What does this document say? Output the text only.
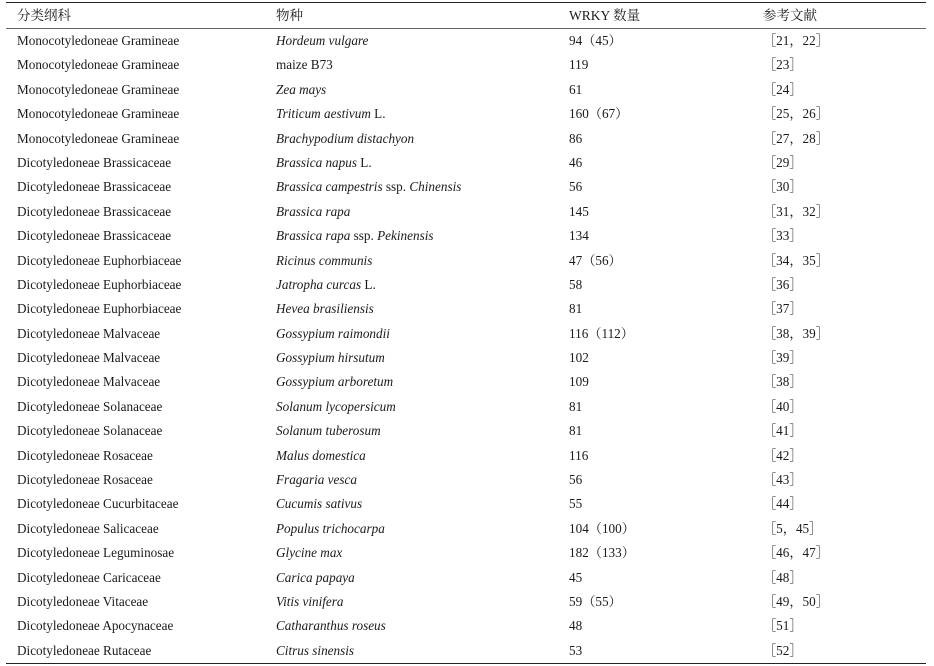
分类纲科	物种	WRKY 数量	参考文献
Monocotyledoneae Gramineae	Hordeum vulgare	94（45）	［21，22］
Monocotyledoneae Gramineae	maize B73	119	［23］
Monocotyledoneae Gramineae	Zea mays	61	［24］
Monocotyledoneae Gramineae	Triticum aestivum L.	160（67）	［25，26］
Monocotyledoneae Gramineae	Brachypodium distachyon	86	［27，28］
Dicotyledoneae Brassicaceae	Brassica napus L.	46	［29］
Dicotyledoneae Brassicaceae	Brassica campestris ssp. Chinensis	56	［30］
Dicotyledoneae Brassicaceae	Brassica rapa	145	［31，32］
Dicotyledoneae Brassicaceae	Brassica rapa ssp. Pekinensis	134	［33］
Dicotyledoneae Euphorbiaceae	Ricinus communis	47（56）	［34，35］
Dicotyledoneae Euphorbiaceae	Jatropha curcas L.	58	［36］
Dicotyledoneae Euphorbiaceae	Hevea brasiliensis	81	［37］
Dicotyledoneae Malvaceae	Gossypium raimondii	116（112）	［38，39］
Dicotyledoneae Malvaceae	Gossypium hirsutum	102	［39］
Dicotyledoneae Malvaceae	Gossypium arboretum	109	［38］
Dicotyledoneae Solanaceae	Solanum lycopersicum	81	［40］
Dicotyledoneae Solanaceae	Solanum tuberosum	81	［41］
Dicotyledoneae Rosaceae	Malus domestica	116	［42］
Dicotyledoneae Rosaceae	Fragaria vesca	56	［43］
Dicotyledoneae Cucurbitaceae	Cucumis sativus	55	［44］
Dicotyledoneae Salicaceae	Populus trichocarpa	104（100）	［5，45］
Dicotyledoneae Leguminosae	Glycine max	182（133）	［46，47］
Dicotyledoneae Caricaceae	Carica papaya	45	［48］
Dicotyledoneae Vitaceae	Vitis vinifera	59（55）	［49，50］
Dicotyledoneae Apocynaceae	Catharanthus roseus	48	［51］
Dicotyledoneae Rutaceae	Citrus sinensis	53	［52］
